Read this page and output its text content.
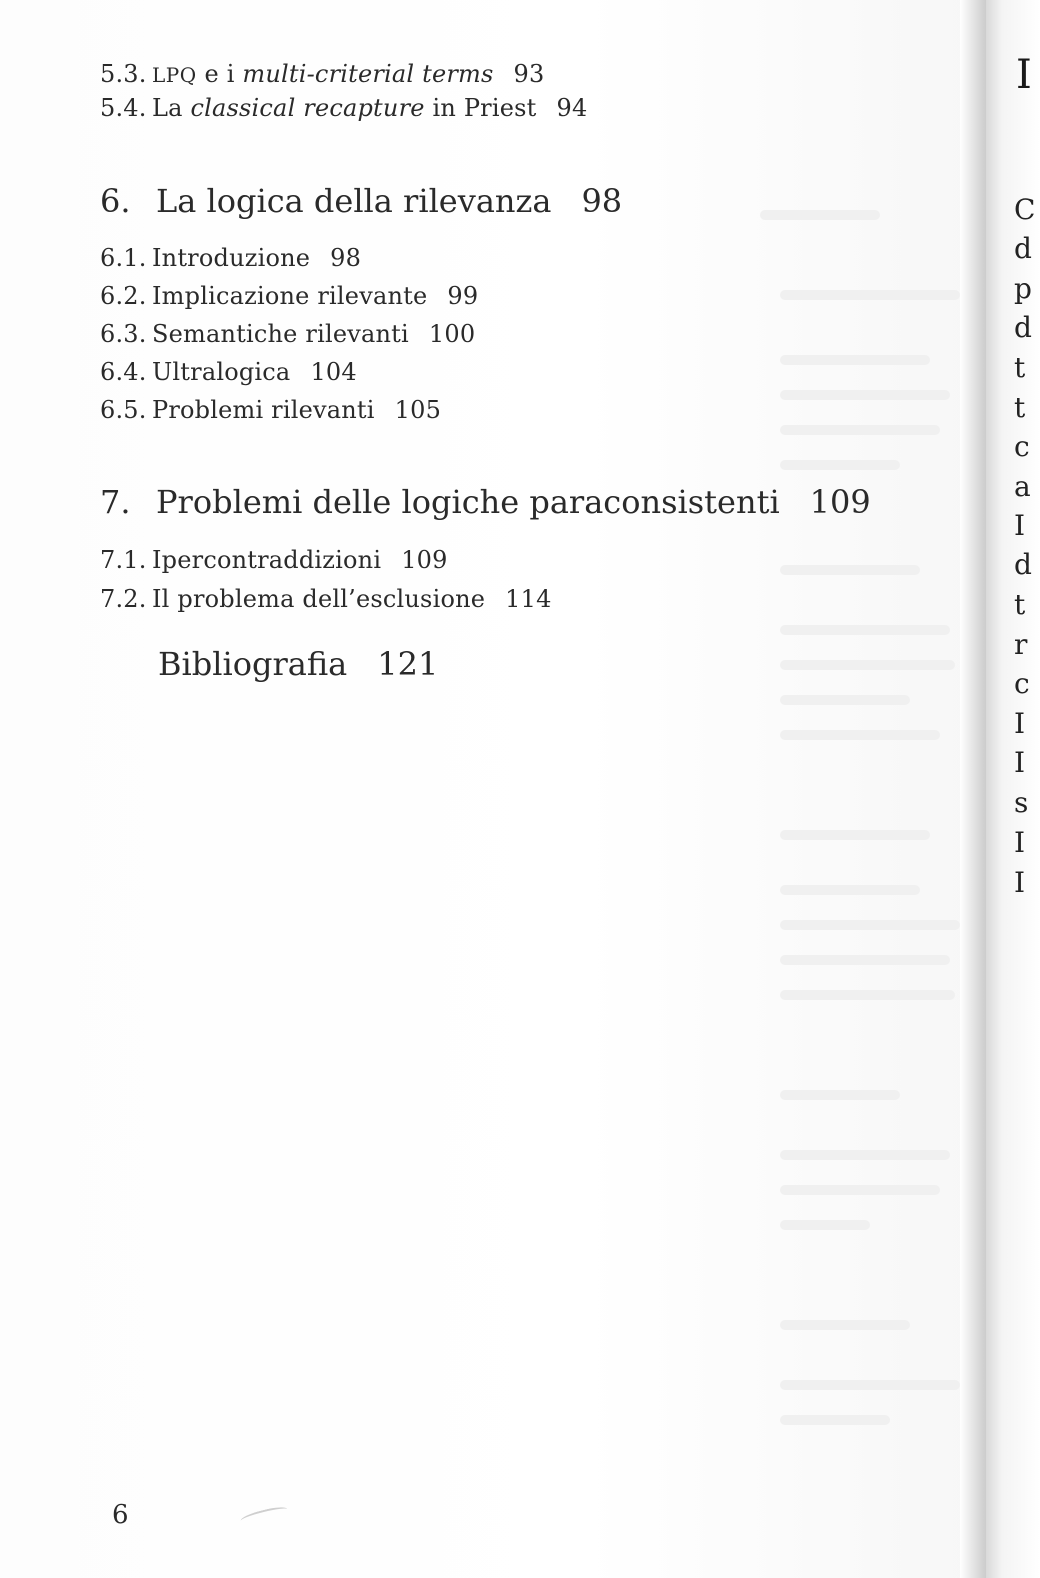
5.3. LPQ e i multi-criterial terms 93
5.4. La classical recapture in Priest 94
6. La logica della rilevanza 98
6.1. Introduzione 98
6.2. Implicazione rilevante 99
6.3. Semantiche rilevanti 100
6.4. Ultralogica 104
6.5. Problemi rilevanti 105
7. Problemi delle logiche paraconsistenti 109
7.1. Ipercontraddizioni 109
7.2. Il problema dell’esclusione 114
Bibliografia 121
6
I
C
d
p
d
t
t
c
a
I
d
t
r
c
I
I
s
I
I
